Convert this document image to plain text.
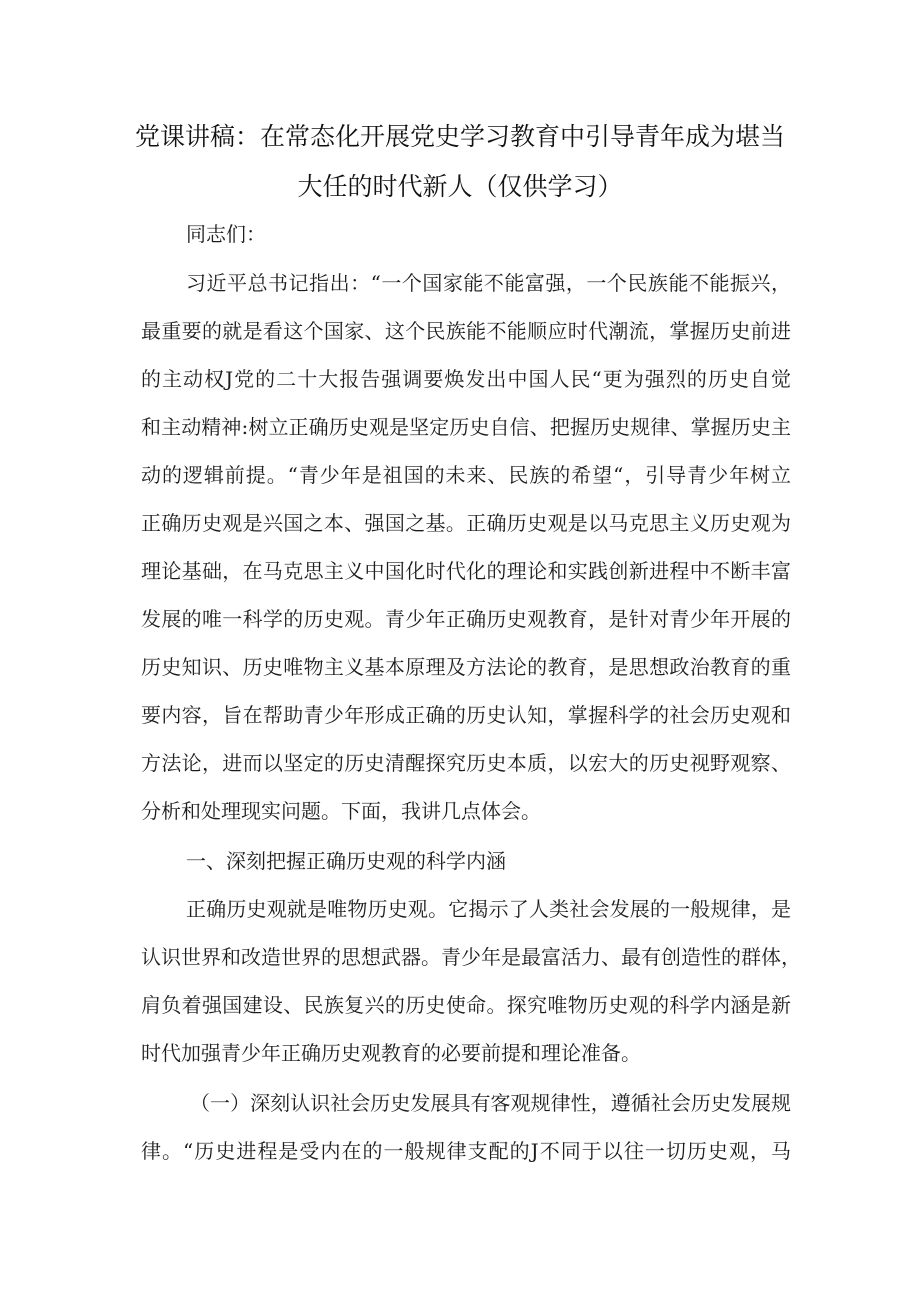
党课讲稿：在常态化开展党史学习教育中引导青年成为堪当
大任的时代新人（仅供学习）
同志们：
习近平总书记指出：“一个国家能不能富强，一个民族能不能振兴，
最重要的就是看这个国家、这个民族能不能顺应时代潮流，掌握历史前进
的主动权J党的二十大报告强调要焕发出中国人民“更为强烈的历史自觉
和主动精神:树立正确历史观是坚定历史自信、把握历史规律、掌握历史主
动的逻辑前提。“青少年是祖国的未来、民族的希望“，引导青少年树立
正确历史观是兴国之本、强国之基。正确历史观是以马克思主义历史观为
理论基础，在马克思主义中国化时代化的理论和实践创新进程中不断丰富
发展的唯一科学的历史观。青少年正确历史观教育，是针对青少年开展的
历史知识、历史唯物主义基本原理及方法论的教育，是思想政治教育的重
要内容，旨在帮助青少年形成正确的历史认知，掌握科学的社会历史观和
方法论，进而以坚定的历史清醒探究历史本质，以宏大的历史视野观察、
分析和处理现实问题。下面，我讲几点体会。
一、深刻把握正确历史观的科学内涵
正确历史观就是唯物历史观。它揭示了人类社会发展的一般规律，是
认识世界和改造世界的思想武器。青少年是最富活力、最有创造性的群体，
肩负着强国建设、民族复兴的历史使命。探究唯物历史观的科学内涵是新
时代加强青少年正确历史观教育的必要前提和理论准备。
（一）深刻认识社会历史发展具有客观规律性，遵循社会历史发展规
律。“历史进程是受内在的一般规律支配的J不同于以往一切历史观，马
